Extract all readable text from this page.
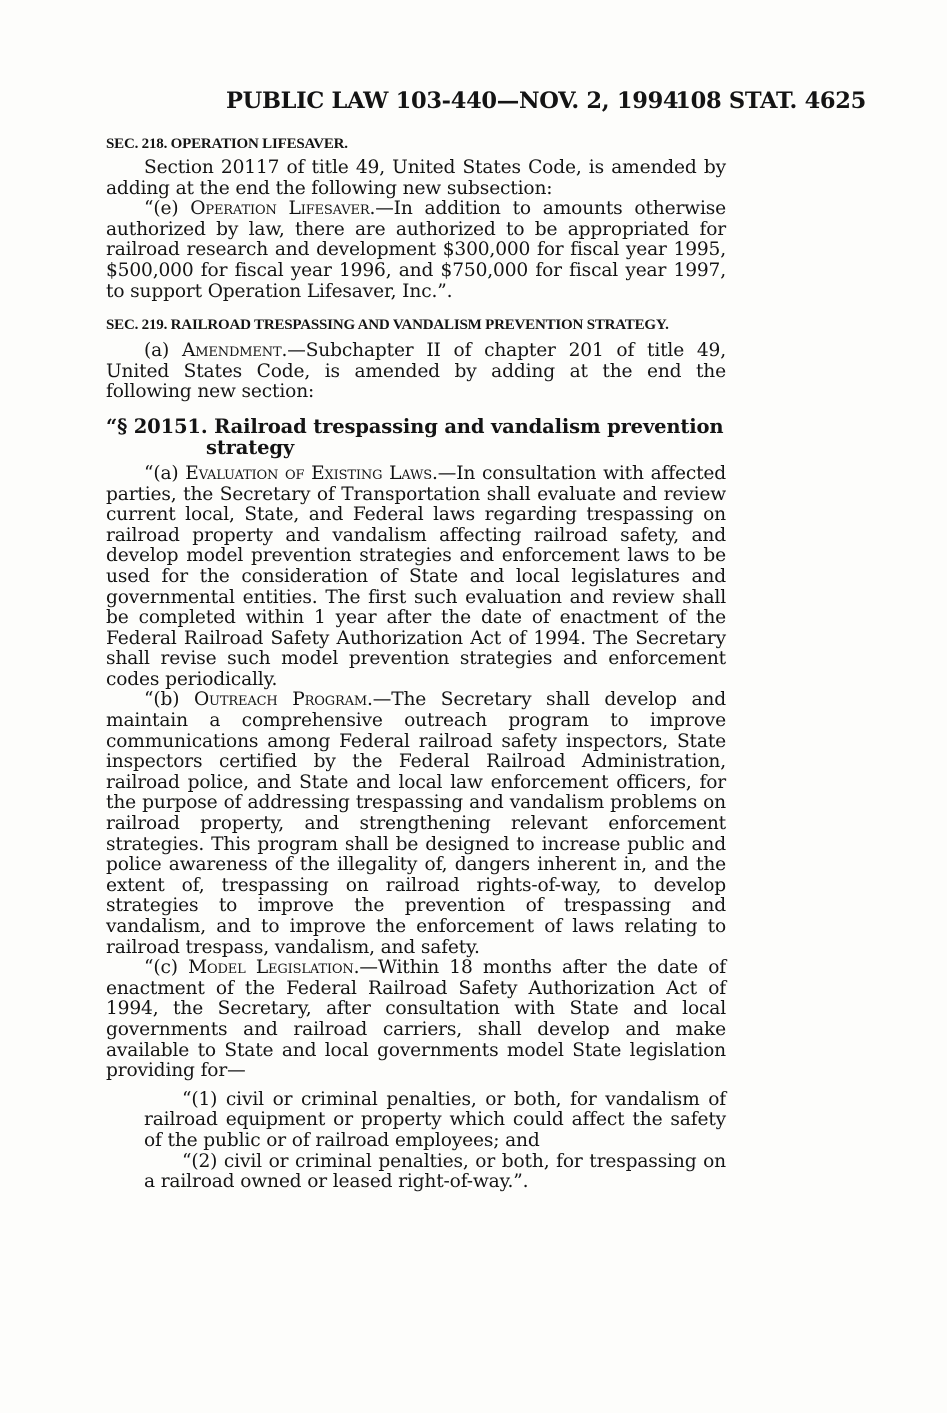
PUBLIC LAW 103-440—NOV. 2, 1994
108 STAT. 4625
SEC. 218. OPERATION LIFESAVER.

Section 20117 of title 49, United States Code, is amended by adding at the end the following new subsection:

“(e) Operation Lifesaver.—In addition to amounts otherwise authorized by law, there are authorized to be appropriated for railroad research and development $300,000 for fiscal year 1995, $500,000 for fiscal year 1996, and $750,000 for fiscal year 1997, to support Operation Lifesaver, Inc.”.

SEC. 219. RAILROAD TRESPASSING AND VANDALISM PREVENTION STRATEGY.

(a) Amendment.—Subchapter II of chapter 201 of title 49, United States Code, is amended by adding at the end the following new section:

“§ 20151. Railroad trespassing and vandalism prevention strategy

“(a) Evaluation of Existing Laws.—In consultation with affected parties, the Secretary of Transportation shall evaluate and review current local, State, and Federal laws regarding trespassing on railroad property and vandalism affecting railroad safety, and develop model prevention strategies and enforcement laws to be used for the consideration of State and local legislatures and governmental entities. The first such evaluation and review shall be completed within 1 year after the date of enactment of the Federal Railroad Safety Authorization Act of 1994. The Secretary shall revise such model prevention strategies and enforcement codes periodically.

“(b) Outreach Program.—The Secretary shall develop and maintain a comprehensive outreach program to improve communications among Federal railroad safety inspectors, State inspectors certified by the Federal Railroad Administration, railroad police, and State and local law enforcement officers, for the purpose of addressing trespassing and vandalism problems on railroad property, and strengthening relevant enforcement strategies. This program shall be designed to increase public and police awareness of the illegality of, dangers inherent in, and the extent of, trespassing on railroad rights-of-way, to develop strategies to improve the prevention of trespassing and vandalism, and to improve the enforcement of laws relating to railroad trespass, vandalism, and safety.

“(c) Model Legislation.—Within 18 months after the date of enactment of the Federal Railroad Safety Authorization Act of 1994, the Secretary, after consultation with State and local governments and railroad carriers, shall develop and make available to State and local governments model State legislation providing for—

“(1) civil or criminal penalties, or both, for vandalism of railroad equipment or property which could affect the safety of the public or of railroad employees; and

“(2) civil or criminal penalties, or both, for trespassing on a railroad owned or leased right-of-way.”.
